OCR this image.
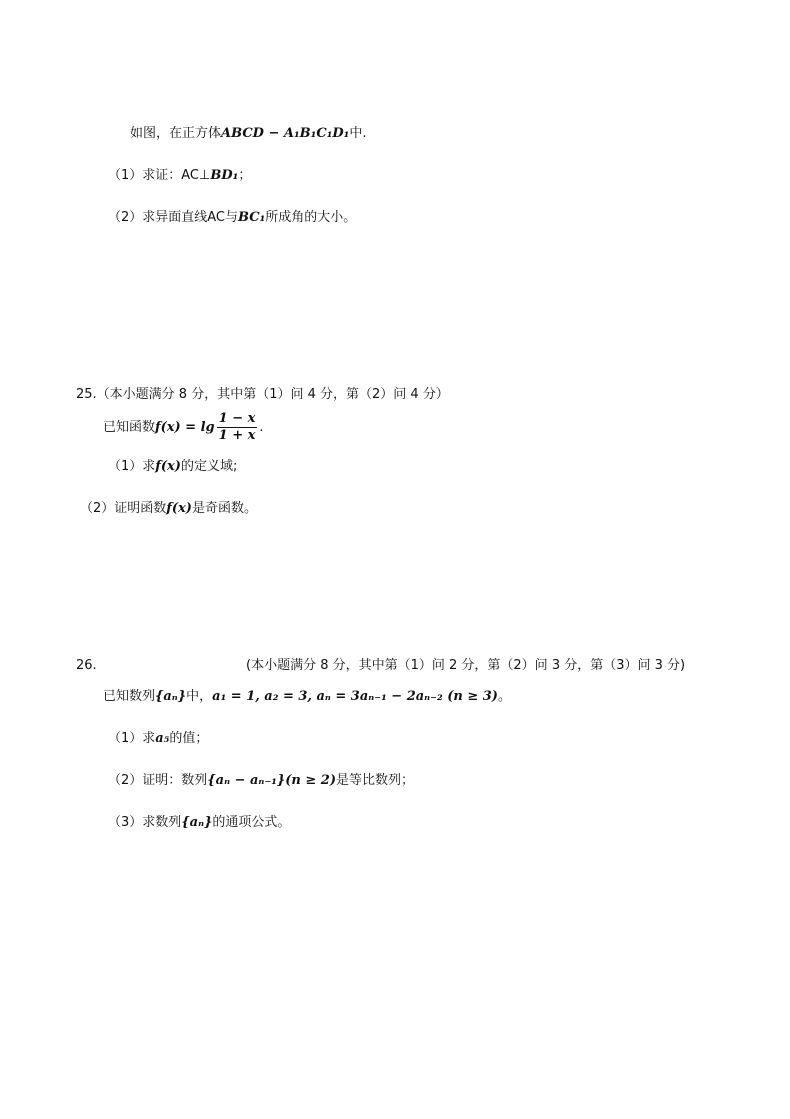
如图，在正方体ABCD − A₁B₁C₁D₁中.
（1）求证：AC⊥BD₁；
（2）求异面直线AC与BC₁所成角的大小。
25.（本小题满分 8 分，其中第（1）问 4 分，第（2）问 4 分）
已知函数$f(x) = \lg \frac{1 - x}{1 + x}$ .
（1）求f(x)的定义域;
（2）证明函数f(x)是奇函数。
26.	(本小题满分 8 分，其中第（1）问 2 分，第（2）问 3 分，第（3）问 3 分)
已知数列{aₙ}中，a₁ = 1, a₂ = 3, aₙ = 3aₙ₋₁ − 2aₙ₋₂ (n ≥ 3)。
（1）求a₅的值；
（2）证明：数列{aₙ − aₙ₋₁}(n ≥ 2)是等比数列；
（3）求数列{aₙ}的通项公式。
